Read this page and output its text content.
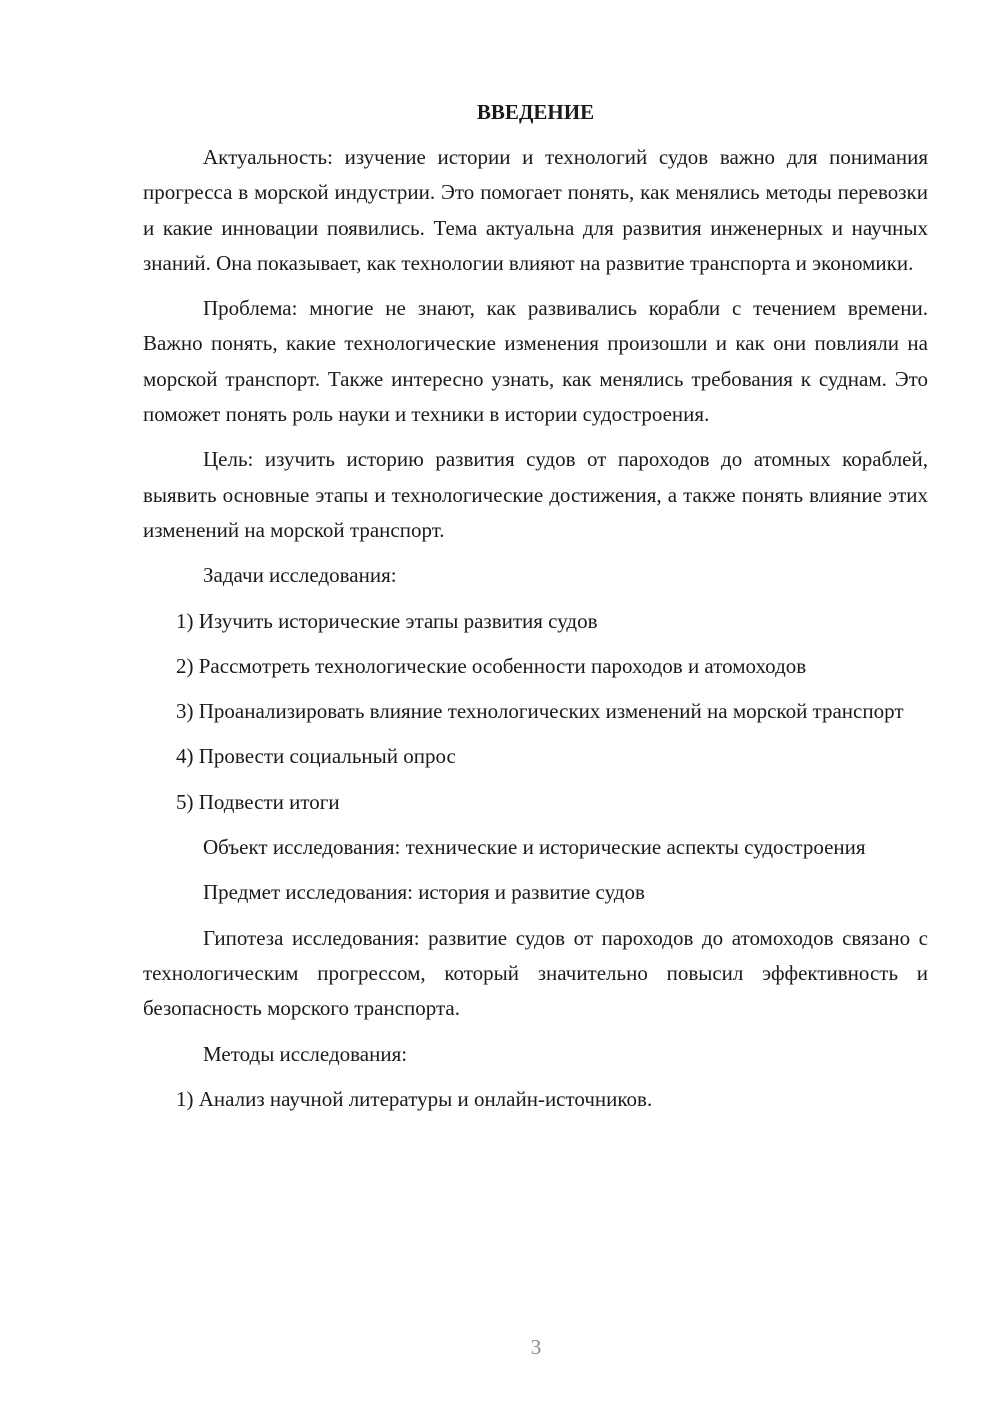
ВВЕДЕНИЕ

Актуальность: изучение истории и технологий судов важно для понимания прогресса в морской индустрии. Это помогает понять, как менялись методы перевозки и какие инновации появились. Тема актуальна для развития инженерных и научных знаний. Она показывает, как технологии влияют на развитие транспорта и экономики.

Проблема: многие не знают, как развивались корабли с течением времени. Важно понять, какие технологические изменения произошли и как они повлияли на морской транспорт. Также интересно узнать, как менялись требования к суднам. Это поможет понять роль науки и техники в истории судостроения.

Цель: изучить историю развития судов от пароходов до атомных кораблей, выявить основные этапы и технологические достижения, а также понять влияние этих изменений на морской транспорт.

Задачи исследования:

1) Изучить исторические этапы развития судов

2) Рассмотреть технологические особенности пароходов и атомоходов

3) Проанализировать влияние технологических изменений на морской транспорт

4) Провести социальный опрос

5) Подвести итоги

Объект исследования: технические и исторические аспекты судостроения

Предмет исследования: история и развитие судов

Гипотеза исследования: развитие судов от пароходов до атомоходов связано с технологическим прогрессом, который значительно повысил эффективность и безопасность морского транспорта.

Методы исследования:

1) Анализ научной литературы и онлайн-источников.

3
